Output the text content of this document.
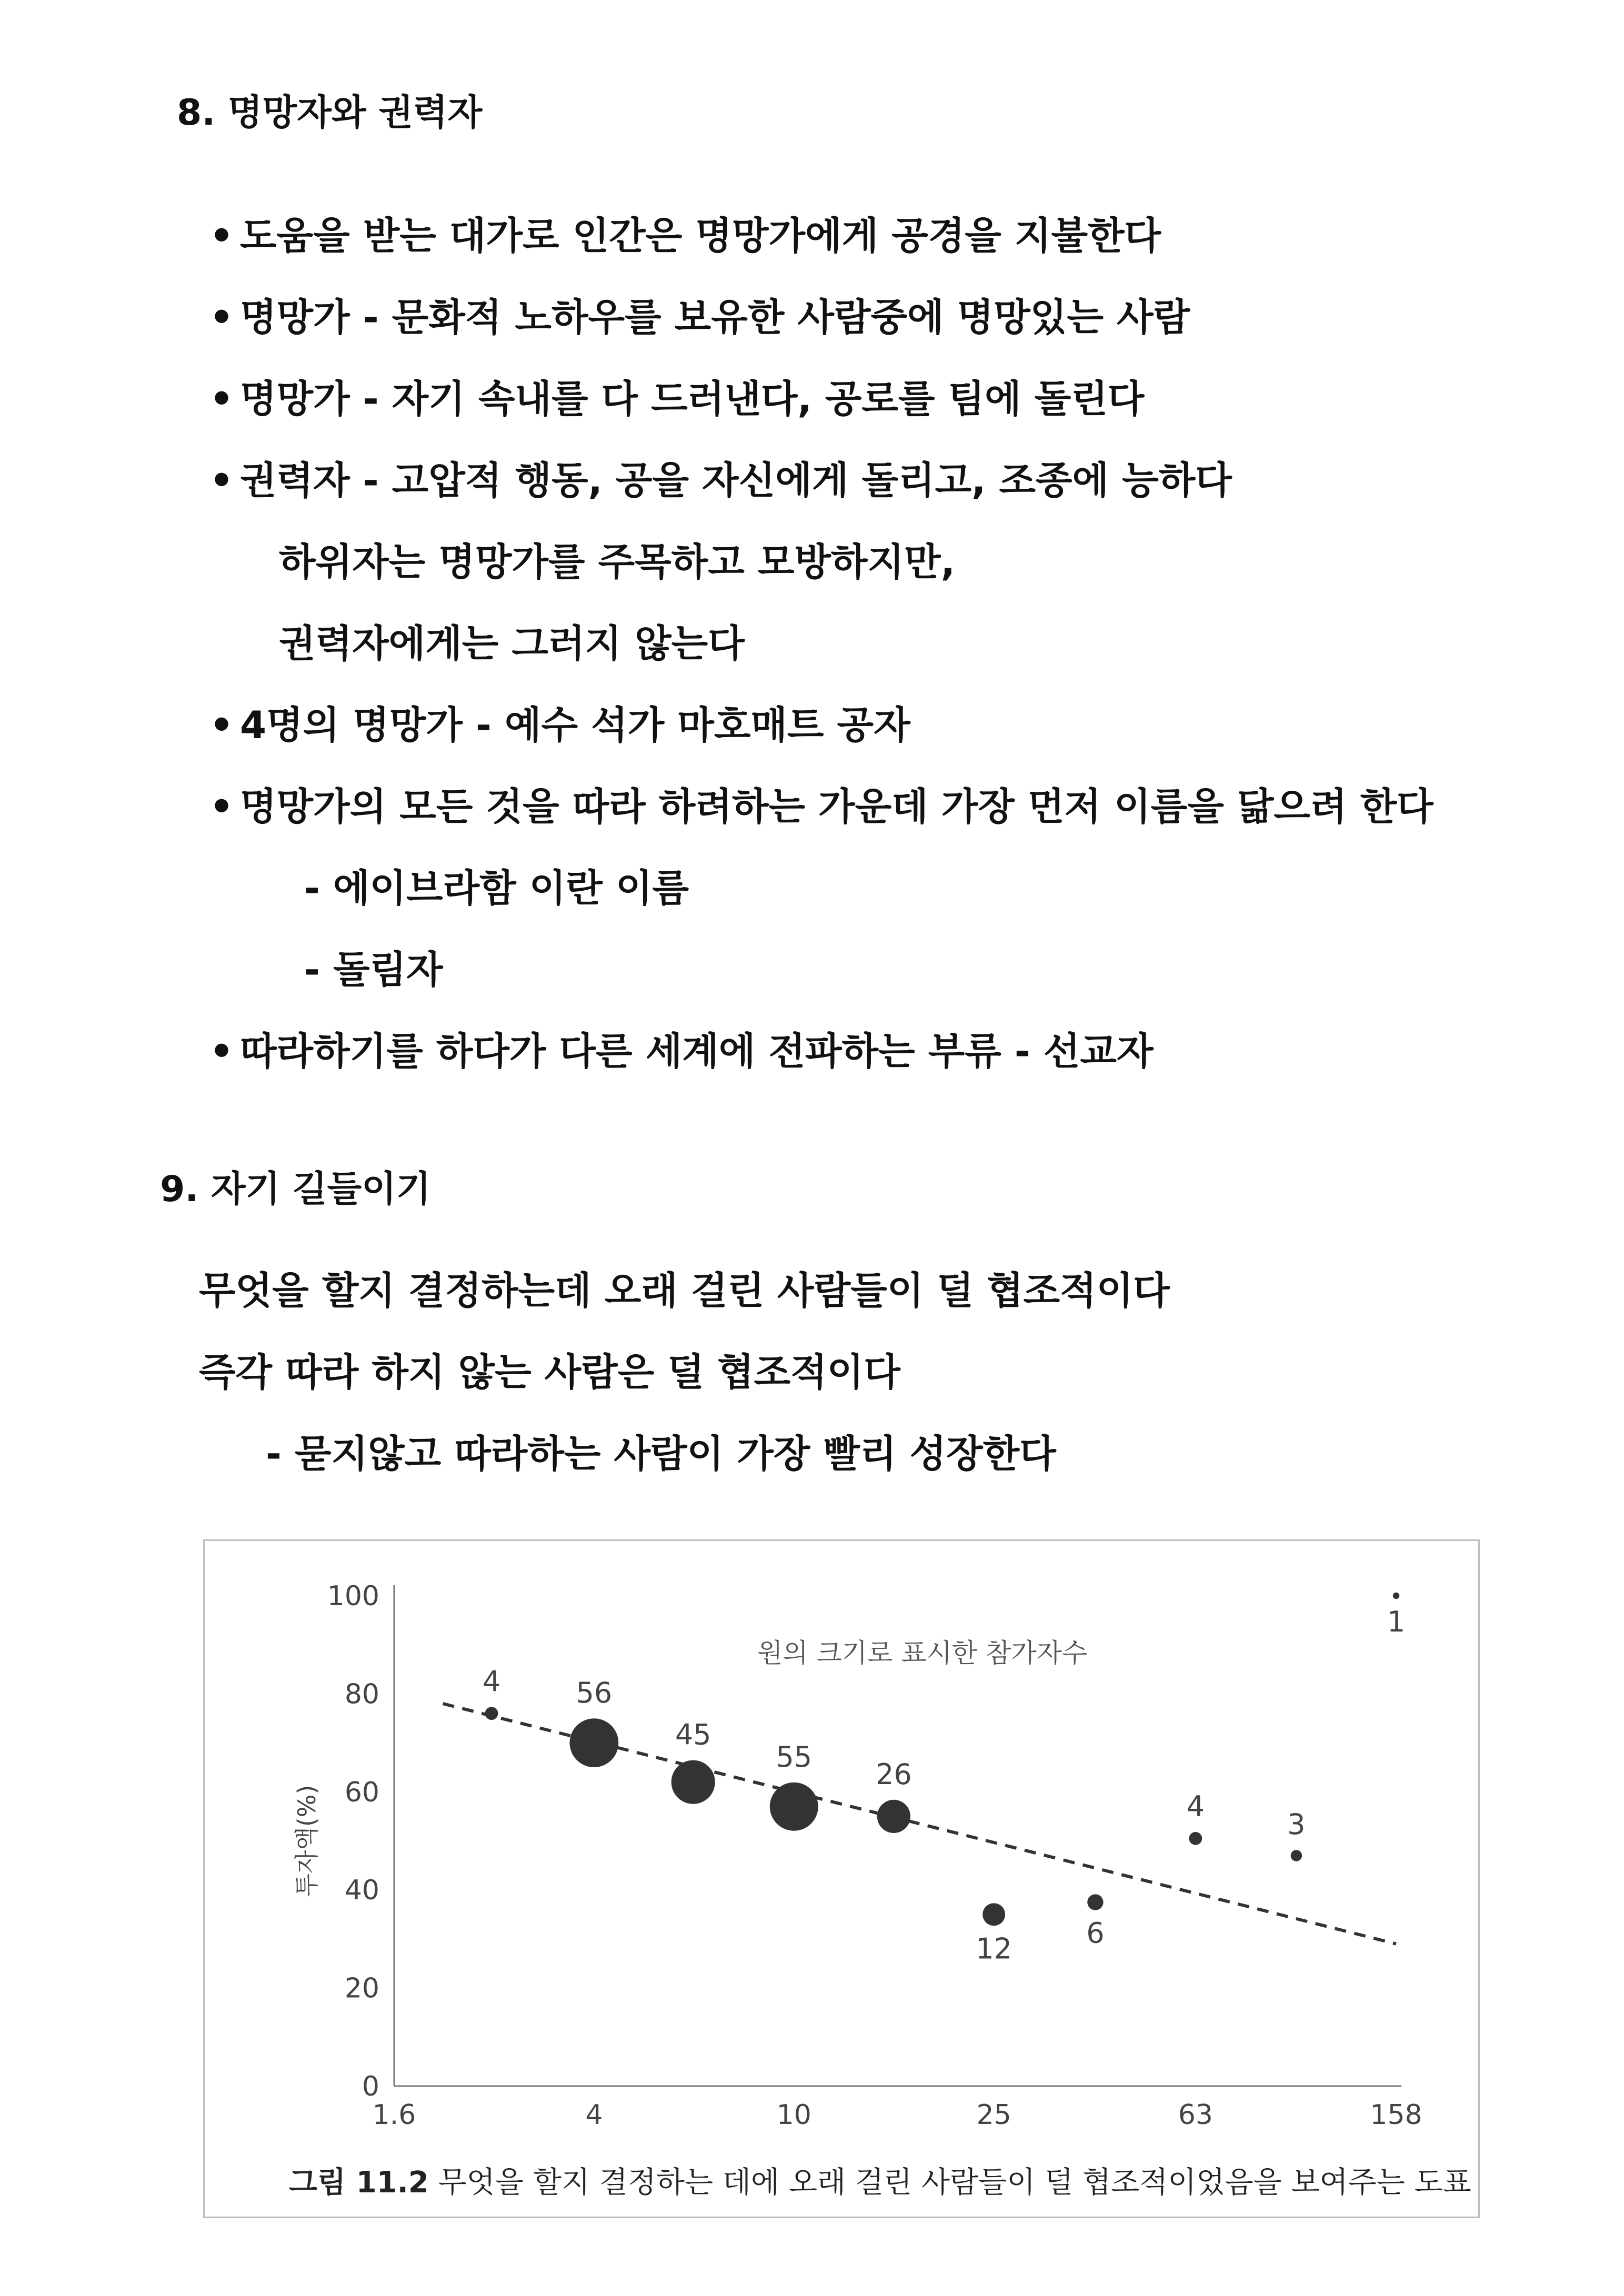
8. 명망자와 권력자
• 도움을 받는 대가로 인간은 명망가에게 공경을 지불한다
• 명망가 - 문화적 노하우를 보유한 사람중에 명망있는 사람
• 명망가 - 자기 속내를 다 드러낸다, 공로를 팀에 돌린다
• 권력자 - 고압적 행동, 공을 자신에게 돌리고, 조종에 능하다
하위자는 명망가를 주목하고 모방하지만,
권력자에게는 그러지 않는다
• 4명의 명망가 - 예수 석가 마호매트 공자
• 명망가의 모든 것을 따라 하려하는 가운데 가장 먼저 이름을 닮으려 한다
- 에이브라함 이란 이름
- 돌림자
• 따라하기를 하다가 다른 세계에 전파하는 부류 - 선교자
9. 자기 길들이기
무엇을 할지 결정하는데 오래 걸린 사람들이 덜 협조적이다
즉각 따라 하지 않는 사람은 덜 협조적이다
- 묻지않고 따라하는 사람이 가장 빨리 성장한다
0
20
40
60
80
100
1.6	4	10	25	63	158
투자액(%)
원의 크기로 표시한 참가자수
4	56
45
55
26
12	6
4
3
1
그림 11.2 무엇을 할지 결정하는 데에 오래 걸린 사람들이 덜 협조적이었음을 보여주는 도표
